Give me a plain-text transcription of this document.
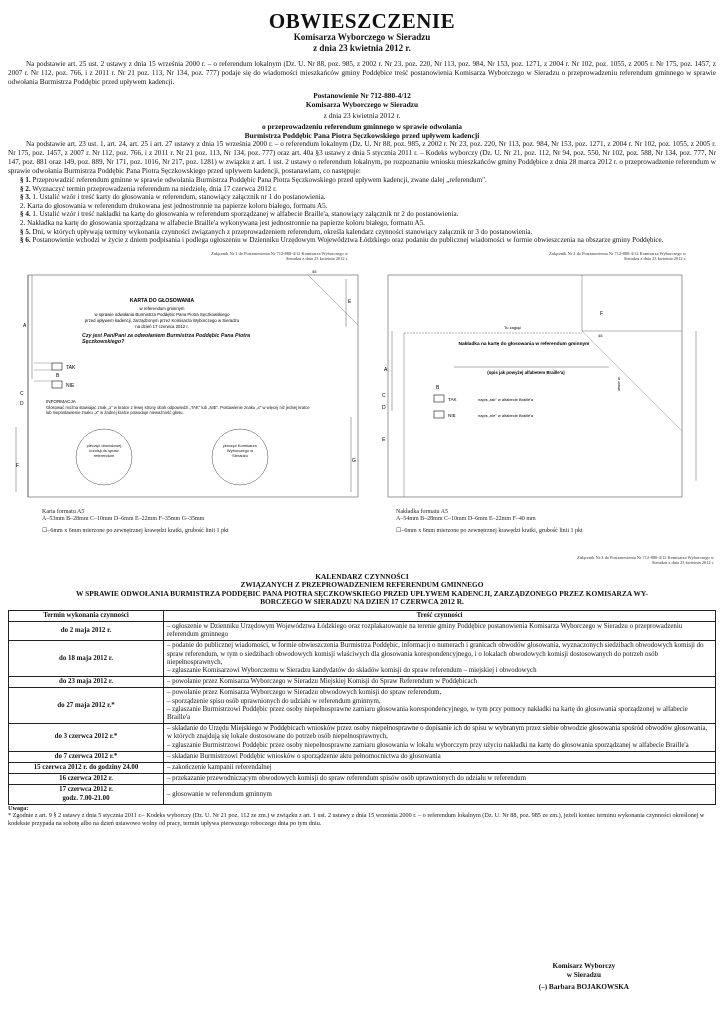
OBWIESZCZENIE
Komisarza Wyborczego w Sieradzu
z dnia 23 kwietnia 2012 r.

Na podstawie art. 25 ust. 2 ustawy z dnia 15 września 2000 r. – o referendum lokalnym (Dz. U. Nr 88, poz. 985, z 2002 r. Nr 23, poz. 220, Nr 113, poz. 984, Nr 153, poz. 1271, z 2004 r. Nr 102, poz. 1055, z 2005 r. Nr 175, poz. 1457, z 2007 r. Nr 112, poz. 766, i z 2011 r. Nr 21 poz. 113, Nr 134, poz. 777) podaje się do wiadomości mieszkańców gminy Poddębice treść postanowienia Komisarza Wyborczego w Sieradzu o przeprowadzeniu referendum gminnego w sprawie odwołania Burmistrza Poddębic przed upływem kadencji.

Postanowienie Nr 712-880-4/12
Komisarza Wyborczego w Sieradzu
z dnia 23 kwietnia 2012 r.
o przeprowadzeniu referendum gminnego w sprawie odwołania
Burmistrza Poddębic Pana Piotra Sęczkowskiego przed upływem kadencji

Na podstawie art. 23 ust. 1, art. 24, art. 25 i art. 27 ustawy z dnia 15 września 2000 r. – o referendum lokalnym (Dz. U. Nr 88, poz. 985, z 2002 r. Nr 23, poz. 220, Nr 113, poz. 984, Nr 153, poz. 1271, z 2004 r. Nr 102, poz. 1055, z 2005 r. Nr 175, poz. 1457, z 2007 r. Nr 112, poz. 766, i z 2011 r. Nr 21 poz. 113, Nr 134, poz. 777) oraz art. 40a §3 ustawy z dnia 5 stycznia 2011 r. – Kodeks wyborczy (Dz. U. Nr 21, poz. 112, Nr 94, poz. 550, Nr 102, poz. 588, Nr 134, poz. 777, Nr 147, poz. 881 oraz 149, poz. 889, Nr 171, poz. 1016, Nr 217, poz. 1281) w związku z art. 1 ust. 2 ustawy o referendum lokalnym, po rozpoznaniu wniosku mieszkańców gminy Poddębice z dnia 28 marca 2012 r. o przeprowadzenie referendum w sprawie odwołania Burmistrza Poddębic Pana Piotra Sęczkowskiego przed upływem kadencji, postanawiam, co następuje:

§ 1. Przeprowadzić referendum gminne w sprawie odwołania Burmistrza Poddębic Pana Piotra Sęczkowskiego przed upływem kadencji, zwane dalej „referendum".

§ 2. Wyznaczyć termin przeprowadzenia referendum na niedzielę, dnia 17 czerwca 2012 r.

§ 3. 1. Ustalić wzór i treść karty do głosowania w referendum, stanowiący załącznik nr 1 do postanowienia.

2. Karta do głosowania w referendum drukowana jest jednostronnie na papierze koloru białego, formatu A5.

§ 4. 1. Ustalić wzór i treść nakładki na kartę do głosowania w referendum sporządzanej w alfabecie Braille'a, stanowiący załącznik nr 2 do postanowienia.

2. Nakładka na kartę do głosowania sporządzana w alfabecie Braille'a wykonywana jest jednostronnie na papierze koloru białego, formatu A5.

§ 5. Dni, w których upływają terminy wykonania czynności związanych z przeprowadzeniem referendum, określa kalendarz czynności stanowiący załącznik nr 3 do postanowienia.

§ 6. Postanowienie wchodzi w życie z dniem podpisania i podlega ogłoszeniu w Dzienniku Urzędowym Województwa Łódzkiego oraz podaniu do publicznej wiadomości w formie obwieszczenia na obszarze gminy Poddębice.

Załącznik Nr 1 do Postanowienia Nr 712-880-4/12 Komisarza Wyborczego w Sieradzu z dnia 23 kwietnia 2012 r.
Załącznik Nr 2 do Postanowienia Nr 712-880-4/12 Komisarza Wyborczego w Sieradzu z dnia 23 kwietnia 2012 r.
A
B
C
D
E
F
G
45
KARTA DO GŁOSOWANIA
w referendum gminnym
w sprawie odwołania Burmistrza Poddębic Pana Piotra Sęczkowskiego
przed upływem kadencji, zarządzonym przez Komisarza Wyborczego w Sieradzu
na dzień 17 czerwca 2012 r.
Czy jest Pan/Pani za odwołaniem Burmistrza Poddębic Pana Piotra Sęczkowskiego?
TAK
NIE
INFORMACJA
Głosować można stawiając znak „x" w kratce z lewej strony obok odpowiedzi „TAK" lub „NIE". Postawienie znaku „x" w więcej niż jednej kratce lub niepostawienie znaku „x" w żadnej kratce powoduje nieważność głosu.
pieczęć obwodowej komisji ds spraw referendum
pieczęć Komisarza Wyborczego w Sieradzu
Karta formatu A5
A–53mm B–28mm C–10mm D–6mm E–22mm F–35mm G–35mm
☐–6mm x 6mm mierzone po zewnętrznej krawędzi kratki, grubość linii 1 pkt
Tu zagiąć
Nakładka na kartę do głosowania w referendum gminnym
(opis jak powyżej alfabetem Braille'a)
TAK	napis „tak" w alfabecie Braille'a
NIE	napis „nie" w alfabecie Braille'a
A
B
C
D
E
F
45
otwór w
Nakładka formatu A5
A–54mm B–28mm C–10mm D–6mm E–22mm F–40 mm
☐–6mm x 6mm mierzone po zewnętrznej krawędzi kratki, grubość linii 1 pkt
Załącznik Nr 3 do Postanowienia Nr 712-880-4/12 Komisarza Wyborczego w Sieradzu z dnia 23 kwietnia 2012 r.
KALENDARZ CZYNNOŚCI
ZWIĄZANYCH Z PRZEPROWADZENIEM REFERENDUM GMINNEGO
W SPRAWIE ODWOŁANIA BURMISTRZA PODDĘBIC PANA PIOTRA SĘCZKOWSKIEGO PRZED UPŁYWEM KADENCJI, ZARZĄDZONEGO PRZEZ KOMISARZA WY-
BORCZEGO W SIERADZU NA DZIEŃ 17 CZERWCA 2012 R.
Termin wykonania czynności	Treść czynności
do 2 maja 2012 r.	– ogłoszenie w Dzienniku Urzędowym Województwa Łódzkiego oraz rozplakatowanie na terenie gminy Poddębice postanowienia Komisarza Wyborczego w Sieradzu o przeprowadzeniu referendum gminnego
do 18 maja 2012 r.	– podanie do publicznej wiadomości, w formie obwieszczenia Burmistrza Poddębic, informacji o numerach i granicach obwodów głosowania, wyznaczonych siedzibach obwodowych komisji do spraw referendum, w tym o siedzibach obwodowych komisji właściwych dla głosowania korespondencyjnego, i o lokalach obwodowych komisji dostosowanych do potrzeb osób niepełnosprawnych,
– zgłaszanie Komisarzowi Wyborczemu w Sieradzu kandydatów do składów komisji do spraw referendum – miejskiej i obwodowych
do 23 maja 2012 r.	– powołanie przez Komisarza Wyborczego w Sieradzu Miejskiej Komisji do Spraw Referendum w Poddębicach
do 27 maja 2012 r.*	– powołanie przez Komisarza Wyborczego w Sieradzu obwodowych komisji do spraw referendum,
– sporządzenie spisu osób uprawnionych do udziału w referendum gminnym,
– zgłaszanie Burmistrzowi Poddębic przez osoby niepełnosprawne zamiaru głosowania korespondencyjnego, w tym przy pomocy nakładki na kartę do głosowania sporządzonej w alfabecie Braille'a
do 3 czerwca 2012 r.*	– składanie do Urzędu Miejskiego w Poddębicach wniosków przez osoby niepełnosprawne o dopisanie ich do spisu w wybranym przez siebie obwodzie głosowania spośród obwodów głosowania, w których znajdują się lokale dostosowane do potrzeb osób niepełnosprawnych,
– zgłaszanie Burmistrzowi Poddębic przez osoby niepełnosprawne zamiaru głosowania w lokalu wyborczym przy użyciu nakładki na kartę do głosowania sporządzanej w alfabecie Braille'a
do 7 czerwca 2012 r.*	– składanie Burmistrzowi Poddębic wniosków o sporządzenie aktu pełnomocnictwa do głosowania
15 czerwca 2012 r. do godziny 24.00	– zakończenie kampanii referendalnej
16 czerwca 2012 r.	– przekazanie przewodniczącym obwodowych komisji do spraw referendum spisów osób uprawnionych do udziału w referendum
17 czerwca 2012 r.
godz. 7.00-21.00	– głosowanie w referendum gminnym
Uwaga:

* Zgodnie z art. 9 § 2 ustawy z dnia 5 stycznia 2011 r.– Kodeks wyborczy (Dz. U. Nr 21 poz. 112 ze zm.) w związku z art. 1 ust. 2 ustawy z dnia 15 września 2000 r. – o referendum lokalnym (Dz. U. Nr 88, poz. 985 ze zm.), jeżeli koniec terminu wykonania czynności określonej w kodeksie przypada na sobotę albo na dzień ustawowo wolny od pracy, termin upływa pierwszego roboczego dnia po tym dniu.

Komisarz Wyborczy
w Sieradzu
(–) Barbara BOJAKOWSKA
